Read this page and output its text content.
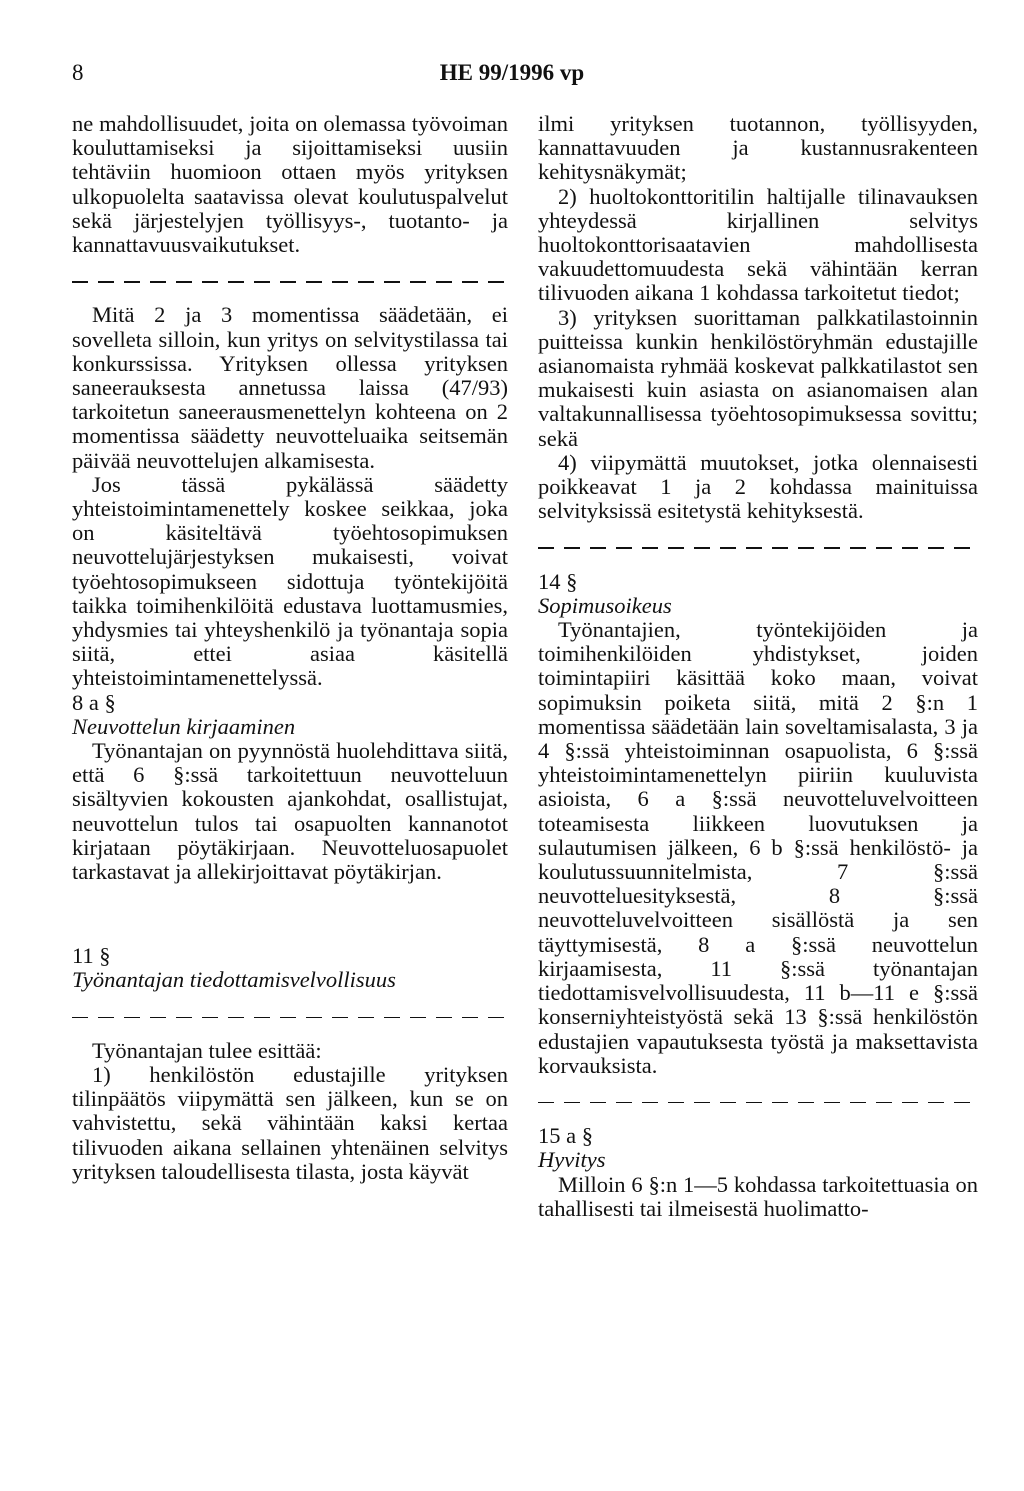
8	HE 99/1996 vp

ne mahdollisuudet, joita on olemassa työvoiman kouluttamiseksi ja sijoittamiseksi uusiin tehtäviin huomioon ottaen myös yrityksen ulkopuolelta saatavissa olevat koulutuspalvelut sekä järjestelyjen työllisyys-, tuotanto- ja kannattavuusvaikutukset.

Mitä 2 ja 3 momentissa säädetään, ei sovelleta silloin, kun yritys on selvitystilassa tai konkurssissa. Yrityksen ollessa yrityksen saneerauksesta annetussa laissa (47/93) tarkoitetun saneerausmenettelyn kohteena on 2 momentissa säädetty neuvotteluaika seitsemän päivää neuvottelujen alkamisesta.

Jos tässä pykälässä säädetty yhteistoimintamenettely koskee seikkaa, joka on käsiteltävä työehtosopimuksen neuvottelujärjestyksen mukaisesti, voivat työehtosopimukseen sidottuja työntekijöitä taikka toimihenkilöitä edustava luottamusmies, yhdysmies tai yhteyshenkilö ja työnantaja sopia siitä, ettei asiaa käsitellä yhteistoimintamenettelyssä.

8 a §

Neuvottelun kirjaaminen

Työnantajan on pyynnöstä huolehdittava siitä, että 6 §:ssä tarkoitettuun neuvotteluun sisältyvien kokousten ajankohdat, osallistujat, neuvottelun tulos tai osapuolten kannanotot kirjataan pöytäkirjaan. Neuvotteluosapuolet tarkastavat ja allekirjoittavat pöytäkirjan.

11 §

Työnantajan tiedottamisvelvollisuus

Työnantajan tulee esittää:

1) henkilöstön edustajille yrityksen tilinpäätös viipymättä sen jälkeen, kun se on vahvistettu, sekä vähintään kaksi kertaa tilivuoden aikana sellainen yhtenäinen selvitys yrityksen taloudellisesta tilasta, josta käyvät

ilmi yrityksen tuotannon, työllisyyden, kannattavuuden ja kustannusrakenteen kehitysnäkymät;

2) huoltokonttoritilin haltijalle tilinavauksen yhteydessä kirjallinen selvitys huoltokonttorisaatavien mahdollisesta vakuudettomuudesta sekä vähintään kerran tilivuoden aikana 1 kohdassa tarkoitetut tiedot;

3) yrityksen suorittaman palkkatilastoinnin puitteissa kunkin henkilöstöryhmän edustajille asianomaista ryhmää koskevat palkkatilastot sen mukaisesti kuin asiasta on asianomaisen alan valtakunnallisessa työehtosopimuksessa sovittu; sekä

4) viipymättä muutokset, jotka olennaisesti poikkeavat 1 ja 2 kohdassa mainituissa selvityksissä esitetystä kehityksestä.

14 §

Sopimusoikeus

Työnantajien, työntekijöiden ja toimihenkilöiden yhdistykset, joiden toimintapiiri käsittää koko maan, voivat sopimuksin poiketa siitä, mitä 2 §:n 1 momentissa säädetään lain soveltamisalasta, 3 ja 4 §:ssä yhteistoiminnan osapuolista, 6 §:ssä yhteistoimintamenettelyn piiriin kuuluvista asioista, 6 a §:ssä neuvotteluvelvoitteen toteamisesta liikkeen luovutuksen ja sulautumisen jälkeen, 6 b §:ssä henkilöstö- ja koulutussuunnitelmista, 7 §:ssä neuvotteluesityksestä, 8 §:ssä neuvotteluvelvoitteen sisällöstä ja sen täyttymisestä, 8 a §:ssä neuvottelun kirjaamisesta, 11 §:ssä työnantajan tiedottamisvelvollisuudesta, 11 b—11 e §:ssä konserniyhteistyöstä sekä 13 §:ssä henkilöstön edustajien vapautuksesta työstä ja maksettavista korvauksista.

15 a §

Hyvitys

Milloin 6 §:n 1—5 kohdassa tarkoitettuasia on tahallisesti tai ilmeisestä huolimatto-
